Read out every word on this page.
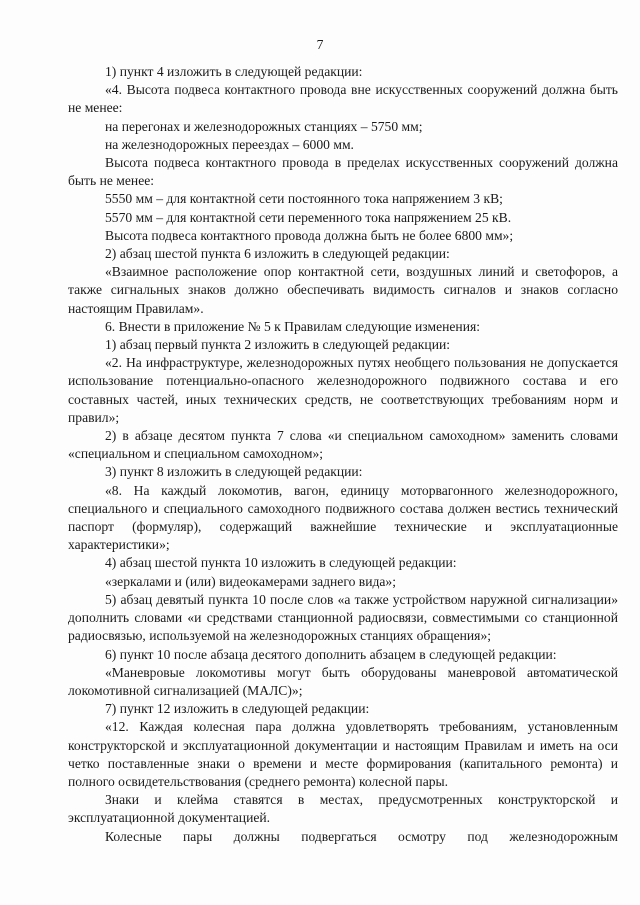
7

1) пункт 4 изложить в следующей редакции:

«4. Высота подвеса контактного провода вне искусственных сооружений должна быть не менее:

на перегонах и железнодорожных станциях – 5750 мм;

на железнодорожных переездах – 6000 мм.

Высота подвеса контактного провода в пределах искусственных сооружений должна быть не менее:

5550 мм – для контактной сети постоянного тока напряжением 3 кВ;

5570 мм – для контактной сети переменного тока напряжением 25 кВ.

Высота подвеса контактного провода должна быть не более 6800 мм»;

2) абзац шестой пункта 6 изложить в следующей редакции:

«Взаимное расположение опор контактной сети, воздушных линий и светофоров, а также сигнальных знаков должно обеспечивать видимость сигналов и знаков согласно настоящим Правилам».

6. Внести в приложение № 5 к Правилам следующие изменения:

1) абзац первый пункта 2 изложить в следующей редакции:

«2. На инфраструктуре, железнодорожных путях необщего пользования не допускается использование потенциально-опасного железнодорожного подвижного состава и его составных частей, иных технических средств, не соответствующих требованиям норм и правил»;

2) в абзаце десятом пункта 7 слова «и специальном самоходном» заменить словами «специальном и специальном самоходном»;

3) пункт 8 изложить в следующей редакции:

«8. На каждый локомотив, вагон, единицу моторвагонного железнодорожного, специального и специального самоходного подвижного состава должен вестись технический паспорт (формуляр), содержащий важнейшие технические и эксплуатационные характеристики»;

4) абзац шестой пункта 10 изложить в следующей редакции:

«зеркалами и (или) видеокамерами заднего вида»;

5) абзац девятый пункта 10 после слов «а также устройством наружной сигнализации» дополнить словами «и средствами станционной радиосвязи, совместимыми со станционной радиосвязью, используемой на железнодорожных станциях обращения»;

6) пункт 10 после абзаца десятого дополнить абзацем в следующей редакции:

«Маневровые локомотивы могут быть оборудованы маневровой автоматической локомотивной сигнализацией (МАЛС)»;

7) пункт 12 изложить в следующей редакции:

«12. Каждая колесная пара должна удовлетворять требованиям, установленным конструкторской и эксплуатационной документации и настоящим Правилам и иметь на оси четко поставленные знаки о времени и месте формирования (капитального ремонта) и полного освидетельствования (среднего ремонта) колесной пары.

Знаки и клейма ставятся в местах, предусмотренных конструкторской и эксплуатационной документацией.

Колесные пары должны подвергаться осмотру под железнодорожным
